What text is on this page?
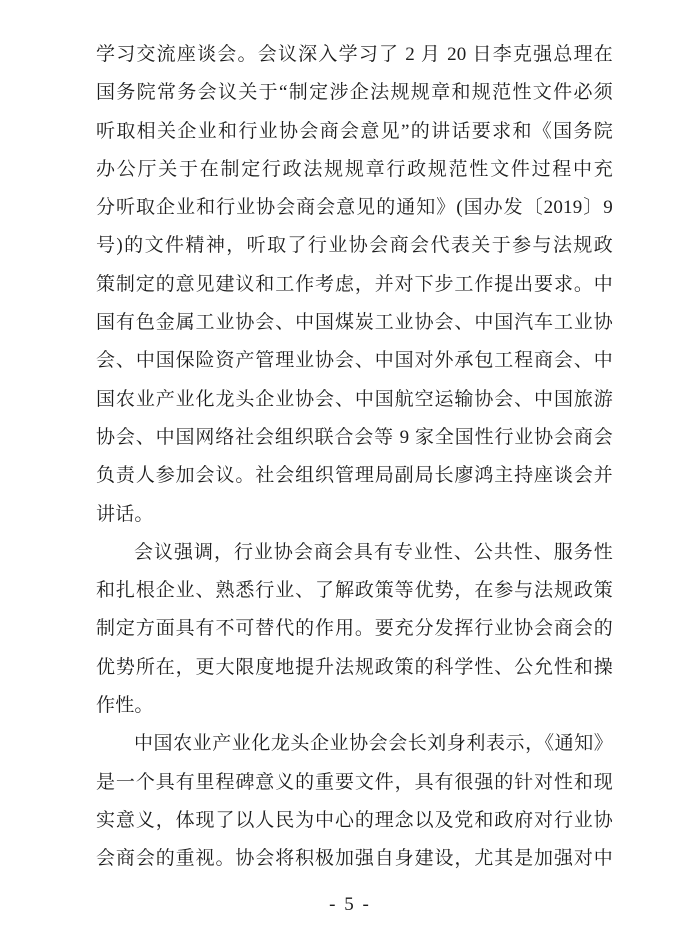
学习交流座谈会。会议深入学习了 2 月 20 日李克强总理在
国务院常务会议关于“制定涉企法规规章和规范性文件必须
听取相关企业和行业协会商会意见”的讲话要求和《国务院
办公厅关于在制定行政法规规章行政规范性文件过程中充
分听取企业和行业协会商会意见的通知》(国办发〔2019〕9
号)的文件精神，听取了行业协会商会代表关于参与法规政
策制定的意见建议和工作考虑，并对下步工作提出要求。中
国有色金属工业协会、中国煤炭工业协会、中国汽车工业协
会、中国保险资产管理业协会、中国对外承包工程商会、中
国农业产业化龙头企业协会、中国航空运输协会、中国旅游
协会、中国网络社会组织联合会等 9 家全国性行业协会商会
负责人参加会议。社会组织管理局副局长廖鸿主持座谈会并
讲话。
会议强调，行业协会商会具有专业性、公共性、服务性
和扎根企业、熟悉行业、了解政策等优势，在参与法规政策
制定方面具有不可替代的作用。要充分发挥行业协会商会的
优势所在，更大限度地提升法规政策的科学性、公允性和操
作性。
中国农业产业化龙头企业协会会长刘身利表示，《通知》
是一个具有里程碑意义的重要文件，具有很强的针对性和现
实意义，体现了以人民为中心的理念以及党和政府对行业协
会商会的重视。协会将积极加强自身建设，尤其是加强对中
- 5 -
